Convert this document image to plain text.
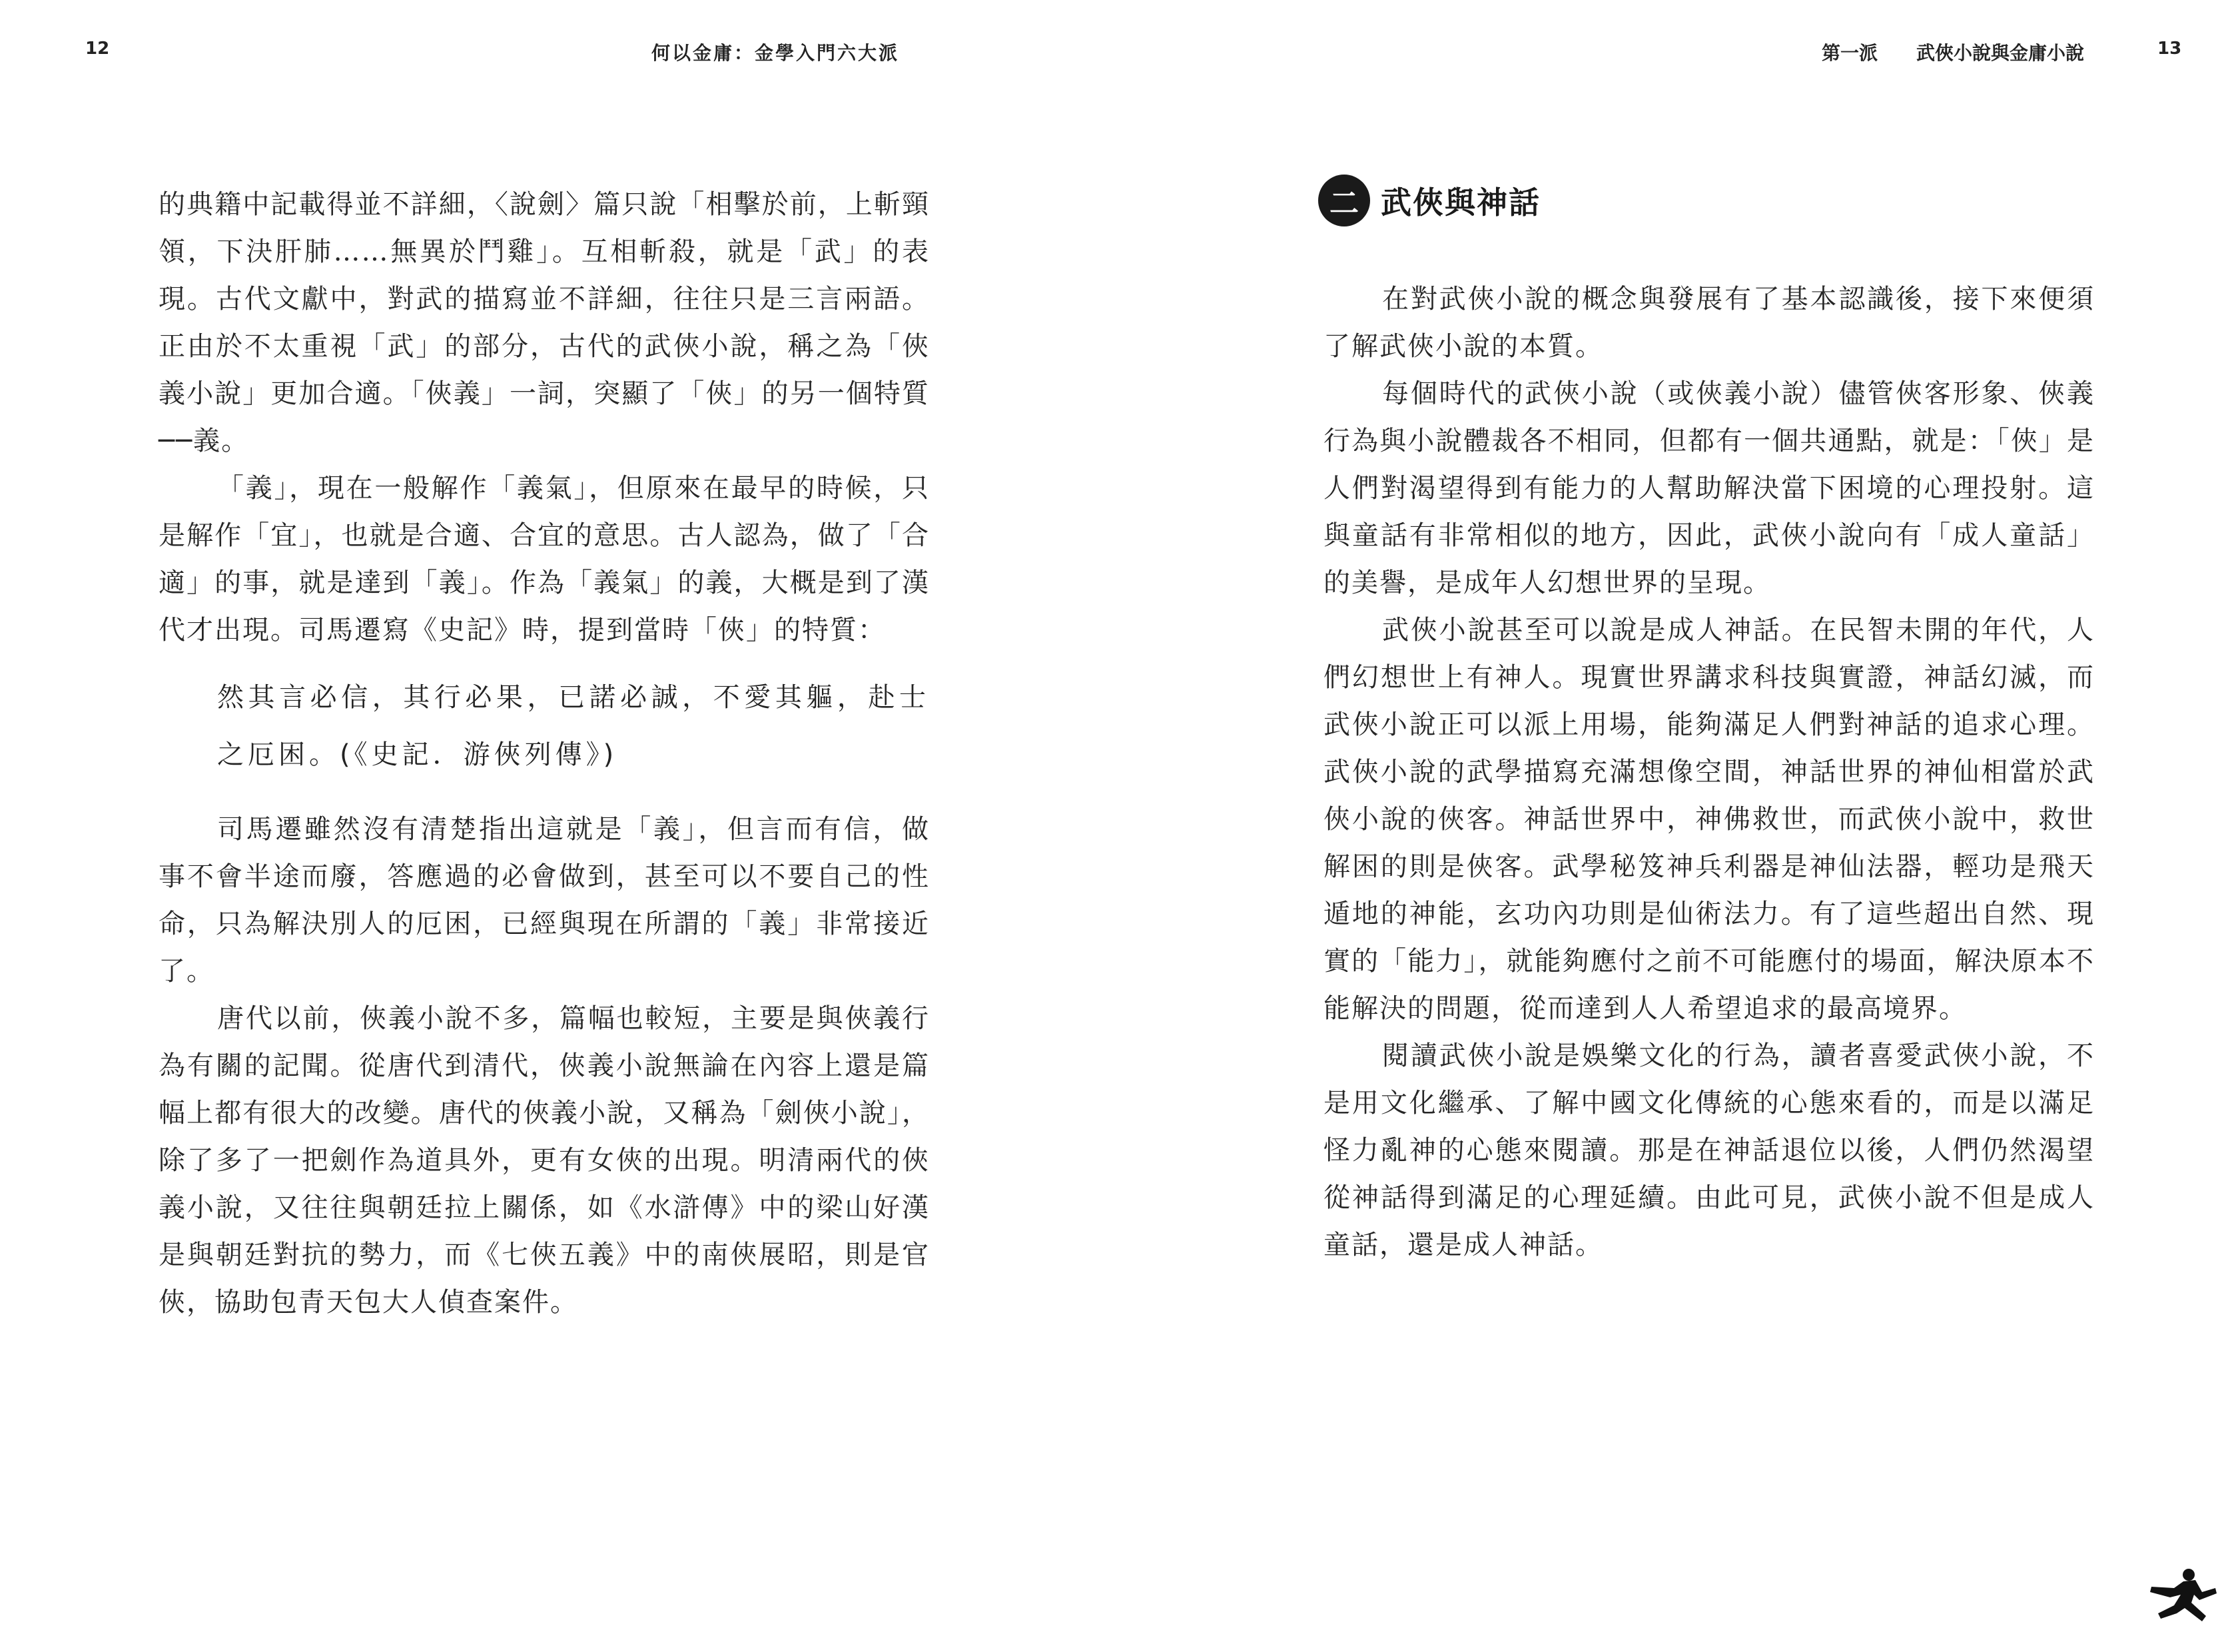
12	何以金庸：金學入門六大派

的典籍中記載得並不詳細，〈說劍〉篇只說「相擊於前，上斬頸領，下決肝肺……無異於鬥雞」。互相斬殺，就是「武」的表現。古代文獻中，對武的描寫並不詳細，往往只是三言兩語。正由於不太重視「武」的部分，古代的武俠小說，稱之為「俠義小說」更加合適。「俠義」一詞，突顯了「俠」的另一個特質──義。

「義」，現在一般解作「義氣」，但原來在最早的時候，只是解作「宜」，也就是合適、合宜的意思。古人認為，做了「合適」的事，就是達到「義」。作為「義氣」的義，大概是到了漢代才出現。司馬遷寫《史記》時，提到當時「俠」的特質：

然其言必信，其行必果，已諾必誠，不愛其軀，赴士之厄困。(《史記．游俠列傳》)

司馬遷雖然沒有清楚指出這就是「義」，但言而有信，做事不會半途而廢，答應過的必會做到，甚至可以不要自己的性命，只為解決別人的厄困，已經與現在所謂的「義」非常接近了。

唐代以前，俠義小說不多，篇幅也較短，主要是與俠義行為有關的記聞。從唐代到清代，俠義小說無論在內容上還是篇幅上都有很大的改變。唐代的俠義小說，又稱為「劍俠小說」，除了多了一把劍作為道具外，更有女俠的出現。明清兩代的俠義小說，又往往與朝廷拉上關係，如《水滸傳》中的梁山好漢是與朝廷對抗的勢力，而《七俠五義》中的南俠展昭，則是官俠，協助包青天包大人偵查案件。

第一派 武俠小說與金庸小說	13
二 武俠與神話

在對武俠小說的概念與發展有了基本認識後，接下來便須了解武俠小說的本質。

每個時代的武俠小說（或俠義小說）儘管俠客形象、俠義行為與小說體裁各不相同，但都有一個共通點，就是：「俠」是人們對渴望得到有能力的人幫助解決當下困境的心理投射。這與童話有非常相似的地方，因此，武俠小說向有「成人童話」的美譽，是成年人幻想世界的呈現。

武俠小說甚至可以說是成人神話。在民智未開的年代，人們幻想世上有神人。現實世界講求科技與實證，神話幻滅，而武俠小說正可以派上用場，能夠滿足人們對神話的追求心理。武俠小說的武學描寫充滿想像空間，神話世界的神仙相當於武俠小說的俠客。神話世界中，神佛救世，而武俠小說中，救世解困的則是俠客。武學秘笈神兵利器是神仙法器，輕功是飛天遁地的神能，玄功內功則是仙術法力。有了這些超出自然、現實的「能力」，就能夠應付之前不可能應付的場面，解決原本不能解決的問題，從而達到人人希望追求的最高境界。

閱讀武俠小說是娛樂文化的行為，讀者喜愛武俠小說，不是用文化繼承、了解中國文化傳統的心態來看的，而是以滿足怪力亂神的心態來閱讀。那是在神話退位以後，人們仍然渴望從神話得到滿足的心理延續。由此可見，武俠小說不但是成人童話，還是成人神話。
